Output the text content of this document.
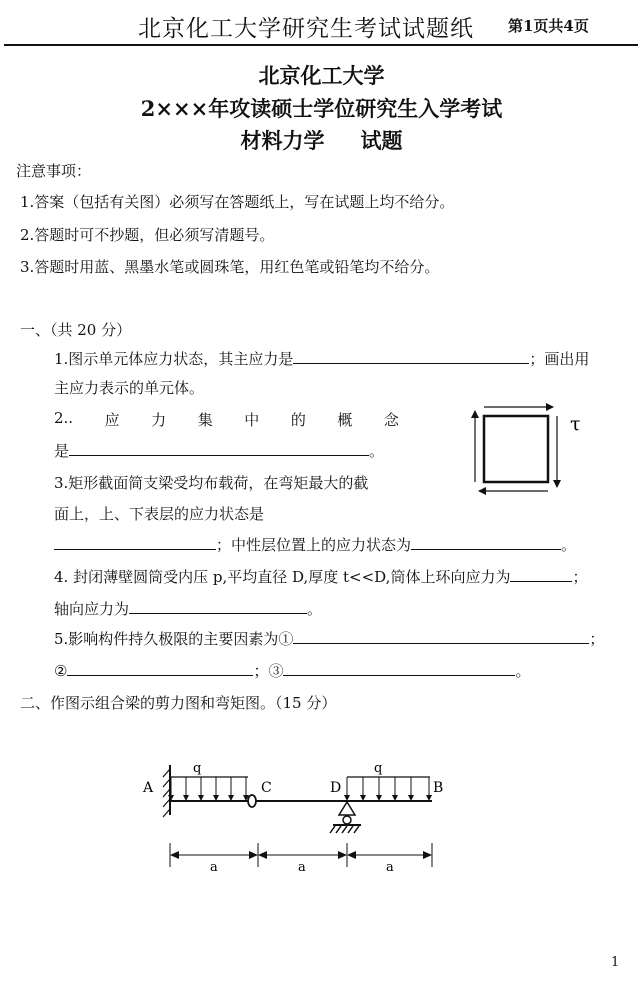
北京化工大学研究生考试试题纸 第1页共4页
北京化工大学
2×××年攻读硕士学位研究生入学考试
材料力学 试题
注意事项：
1.答案（包括有关图）必须写在答题纸上，写在试题上均不给分。
2.答题时可不抄题，但必须写清题号。
3.答题时用蓝、黑墨水笔或圆珠笔，用红色笔或铅笔均不给分。
一、（共 20 分）
1.图示单元体应力状态，其主应力是	；画出用
主应力表示的单元体。
2.. 应 力 集 中 的 概 念
是	。
3.矩形截面简支梁受均布载荷，在弯矩最大的截
面上，上、下表层的应力状态是
；中性层位置上的应力状态为	。
4. 封闭薄壁圆筒受内压 p,平均直径 D,厚度 t<<D,筒体上环向应力为	；
轴向应力为	。
5.影响构件持久极限的主要因素为①	；
②	；③	。
τ
二、作图示组合梁的剪力图和弯矩图。（15 分）
q	q
A	C	D	B
a	a	a
1
